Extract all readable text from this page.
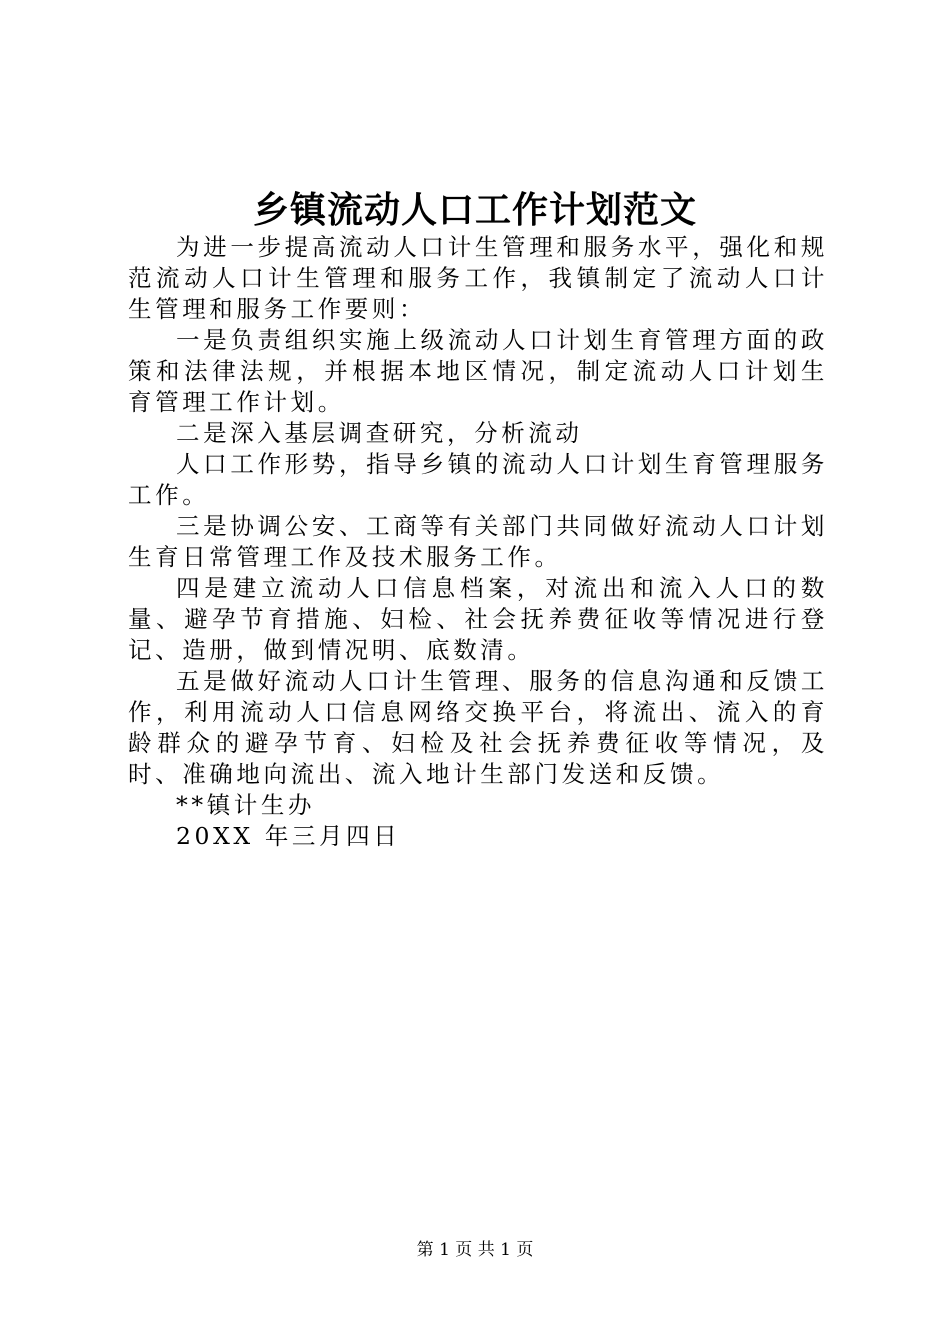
乡镇流动人口工作计划范文

为进一步提高流动人口计生管理和服务水平，强化和规范流动人口计生管理和服务工作，我镇制定了流动人口计生管理和服务工作要则：

一是负责组织实施上级流动人口计划生育管理方面的政策和法律法规，并根据本地区情况，制定流动人口计划生育管理工作计划。

二是深入基层调查研究，分析流动

人口工作形势，指导乡镇的流动人口计划生育管理服务工作。

三是协调公安、工商等有关部门共同做好流动人口计划生育日常管理工作及技术服务工作。

四是建立流动人口信息档案，对流出和流入人口的数量、避孕节育措施、妇检、社会抚养费征收等情况进行登记、造册，做到情况明、底数清。

五是做好流动人口计生管理、服务的信息沟通和反馈工作，利用流动人口信息网络交换平台，将流出、流入的育龄群众的避孕节育、妇检及社会抚养费征收等情况，及时、准确地向流出、流入地计生部门发送和反馈。

**镇计生办

20XX 年三月四日

第 1 页 共 1 页
